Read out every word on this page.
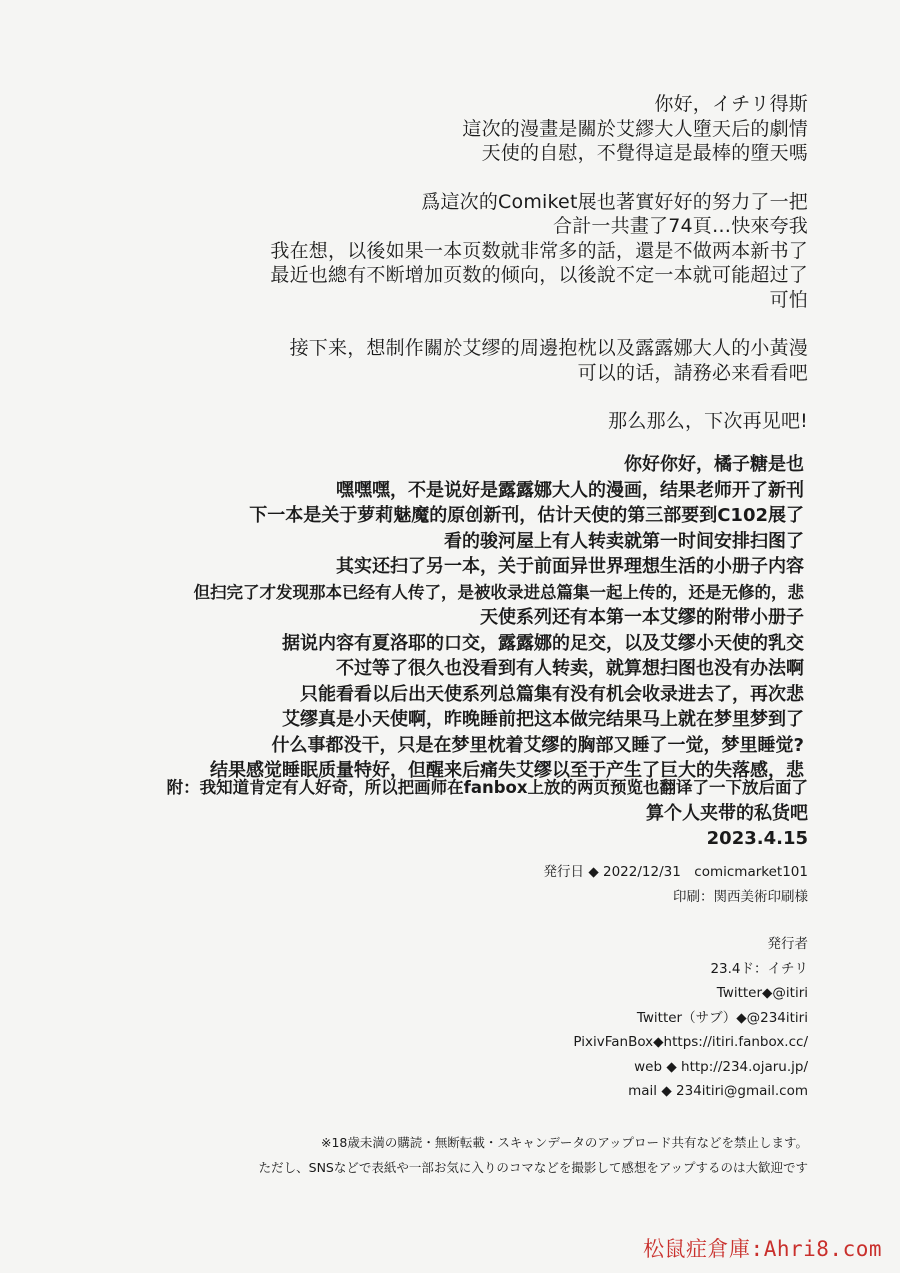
你好，イチリ得斯
這次的漫畫是關於艾繆大人墮天后的劇情
天使的自慰，不覺得這是最棒的墮天嗎
爲這次的Comiket展也著實好好的努力了一把
合計一共畫了74頁…快來夸我
我在想，以後如果一本页数就非常多的話，還是不做两本新书了
最近也總有不断增加页数的倾向，以後說不定一本就可能超过了
可怕
接下来，想制作關於艾缪的周邊抱枕以及露露娜大人的小黃漫
可以的话，請務必来看看吧
那么那么，下次再见吧!
你好你好，橘子糖是也
嘿嘿嘿，不是说好是露露娜大人的漫画，结果老师开了新刊
下一本是关于萝莉魅魔的原创新刊，估计天使的第三部要到C102展了
看的骏河屋上有人转卖就第一时间安排扫图了
其实还扫了另一本，关于前面异世界理想生活的小册子内容
但扫完了才发现那本已经有人传了，是被收录进总篇集一起上传的，还是无修的，悲
天使系列还有本第一本艾缪的附带小册子
据说内容有夏洛耶的口交，露露娜的足交，以及艾缪小天使的乳交
不过等了很久也没看到有人转卖，就算想扫图也没有办法啊
只能看看以后出天使系列总篇集有没有机会收录进去了，再次悲
艾缪真是小天使啊，昨晚睡前把这本做完结果马上就在梦里梦到了
什么事都没干，只是在梦里枕着艾缪的胸部又睡了一觉，梦里睡觉?
结果感觉睡眠质量特好，但醒来后痛失艾缪以至于产生了巨大的失落感，悲
附：我知道肯定有人好奇，所以把画师在fanbox上放的两页预览也翻译了一下放后面了
算个人夹带的私货吧
2023.4.15
発行日 ◆ 2022/12/31　comicmarket101
印刷：関西美術印刷様
発行者
23.4ド：イチリ
Twitter◆@itiri
Twitter（サブ）◆@234itiri
PixivFanBox◆https://itiri.fanbox.cc/
web ◆ http://234.ojaru.jp/
mail ◆ 234itiri@gmail.com
※18歳未満の購読・無断転載・スキャンデータのアップロード共有などを禁止します。
ただし、SNSなどで表紙や一部お気に入りのコマなどを撮影して感想をアップするのは大歓迎です
松鼠症倉庫:Ahri8.com
